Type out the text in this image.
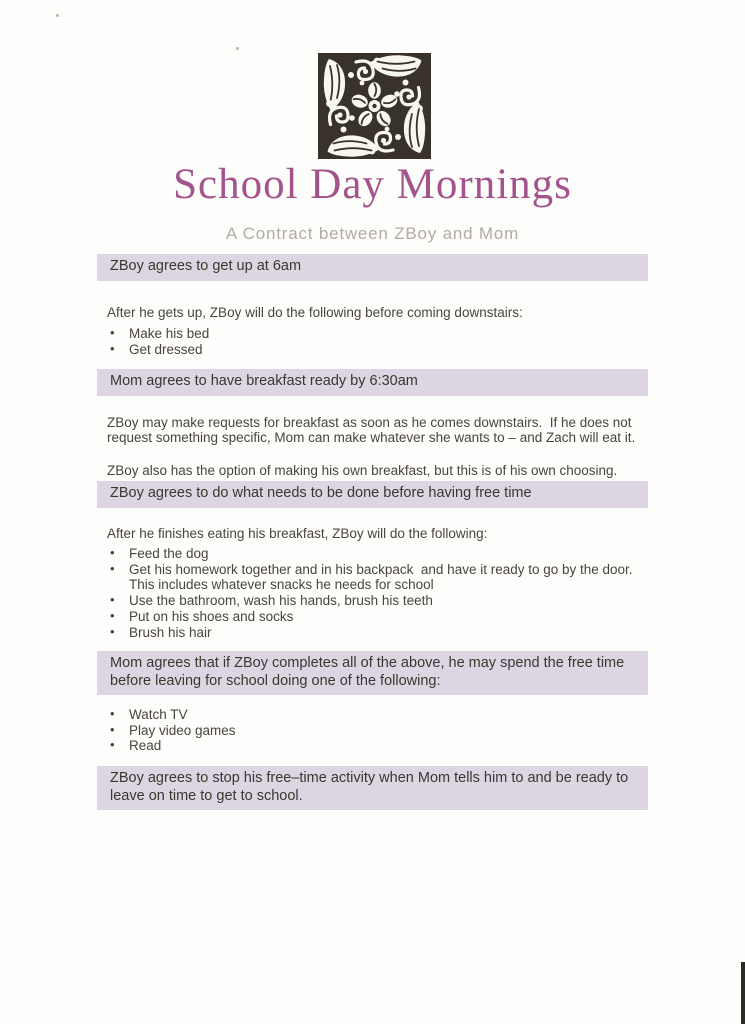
School Day Mornings
A Contract between ZBoy and Mom
ZBoy agrees to get up at 6am

After he gets up, ZBoy will do the following before coming downstairs:

• Make his bed
• Get dressed
Mom agrees to have breakfast ready by 6:30am

ZBoy may make requests for breakfast as soon as he comes downstairs.  If he does not request something specific, Mom can make whatever she wants to – and Zach will eat it.

ZBoy also has the option of making his own breakfast, but this is of his own choosing.

ZBoy agrees to do what needs to be done before having free time

After he finishes eating his breakfast, ZBoy will do the following:

• Feed the dog
• Get his homework together and in his backpack  and have it ready to go by the door.  This includes whatever snacks he needs for school
• Use the bathroom, wash his hands, brush his teeth
• Put on his shoes and socks
• Brush his hair
Mom agrees that if ZBoy completes all of the above, he may spend the free time before leaving for school doing one of the following:
• Watch TV
• Play video games
• Read
ZBoy agrees to stop his free–time activity when Mom tells him to and be ready to leave on time to get to school.
